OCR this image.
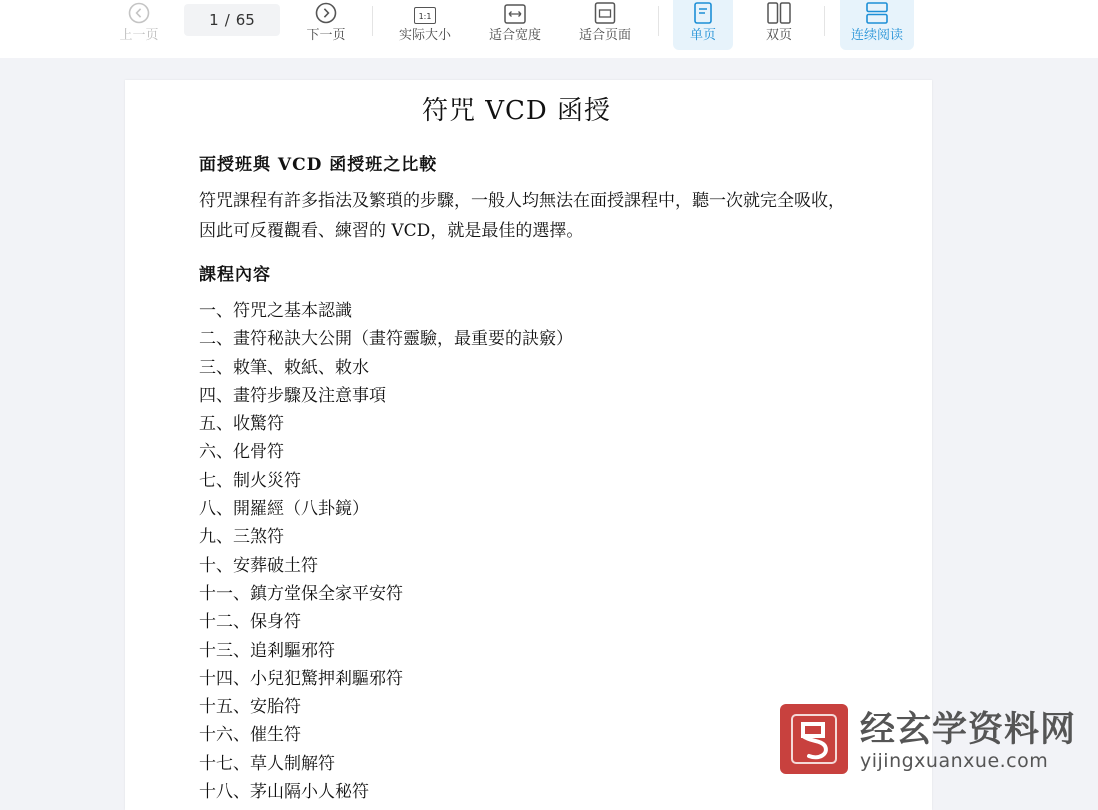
上一页
1 / 65
下一页
1:1
实际大小	适合宽度	适合页面	单页	双页	连续阅读
符咒 VCD 函授

面授班與 VCD 函授班之比較

符咒課程有許多指法及繁瑣的步驟，一般人均無法在面授課程中，聽一次就完全吸收，因此可反覆觀看、練習的 VCD，就是最佳的選擇。

課程內容

一、符咒之基本認識
二、畫符秘訣大公開（畫符靈驗，最重要的訣竅）
三、敕筆、敕紙、敕水
四、畫符步驟及注意事項
五、收驚符
六、化骨符
七、制火災符
八、開羅經（八卦鏡）
九、三煞符
十、安葬破土符
十一、鎮方堂保全家平安符
十二、保身符
十三、追剎驅邪符
十四、小兒犯驚押剎驅邪符
十五、安胎符
十六、催生符
十七、草人制解符
十八、茅山隔小人秘符
经玄学资料网
yijingxuanxue.com
